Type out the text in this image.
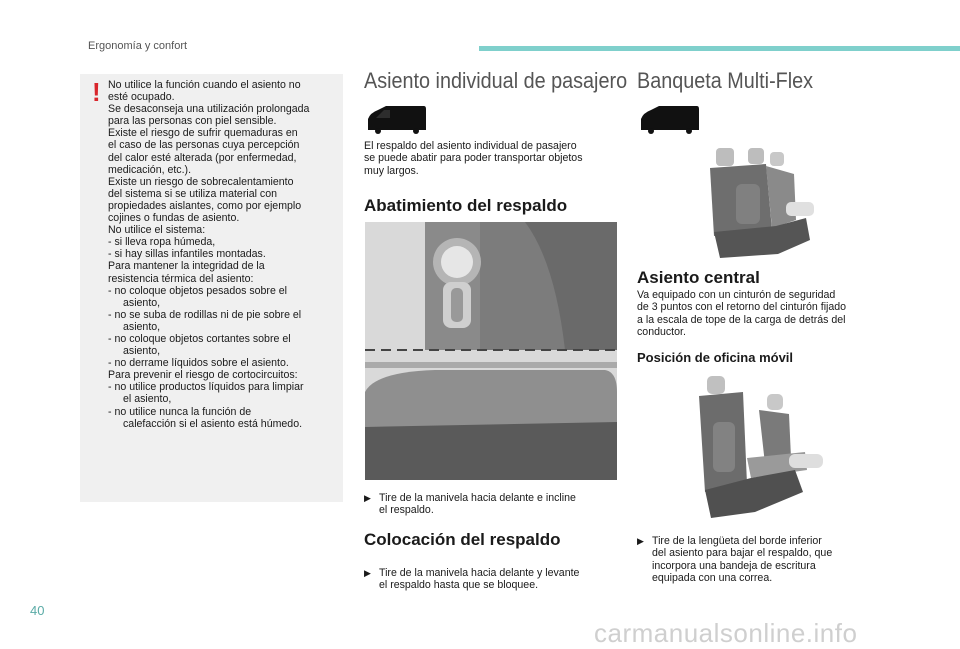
Ergonomía y confort
! No utilice la función cuando el asiento no
esté ocupado.
Se desaconseja una utilización prolongada
para las personas con piel sensible.
Existe el riesgo de sufrir quemaduras en
el caso de las personas cuya percepción
del calor esté alterada (por enfermedad,
medicación, etc.).
Existe un riesgo de sobrecalentamiento
del sistema si se utiliza material con
propiedades aislantes, como por ejemplo
cojines o fundas de asiento.
No utilice el sistema:
- si lleva ropa húmeda,
- si hay sillas infantiles montadas.
Para mantener la integridad de la
resistencia térmica del asiento:
- no coloque objetos pesados sobre el
asiento,
- no se suba de rodillas ni de pie sobre el
asiento,
- no coloque objetos cortantes sobre el
asiento,
- no derrame líquidos sobre el asiento.
Para prevenir el riesgo de cortocircuitos:
- no utilice productos líquidos para limpiar
el asiento,
- no utilice nunca la función de
calefacción si el asiento está húmedo.
Asiento individual de pasajero
El respaldo del asiento individual de pasajero
se puede abatir para poder transportar objetos
muy largos.
Abatimiento del respaldo
▶ Tire de la manivela hacia delante e incline
el respaldo.
Colocación del respaldo
▶ Tire de la manivela hacia delante y levante
el respaldo hasta que se bloquee.
Banqueta Multi-Flex
Asiento central
Va equipado con un cinturón de seguridad
de 3 puntos con el retorno del cinturón fijado
a la escala de tope de la carga de detrás del
conductor.
Posición de oficina móvil
▶ Tire de la lengüeta del borde inferior
del asiento para bajar el respaldo, que
incorpora una bandeja de escritura
equipada con una correa.
40
carmanualsonline.info
